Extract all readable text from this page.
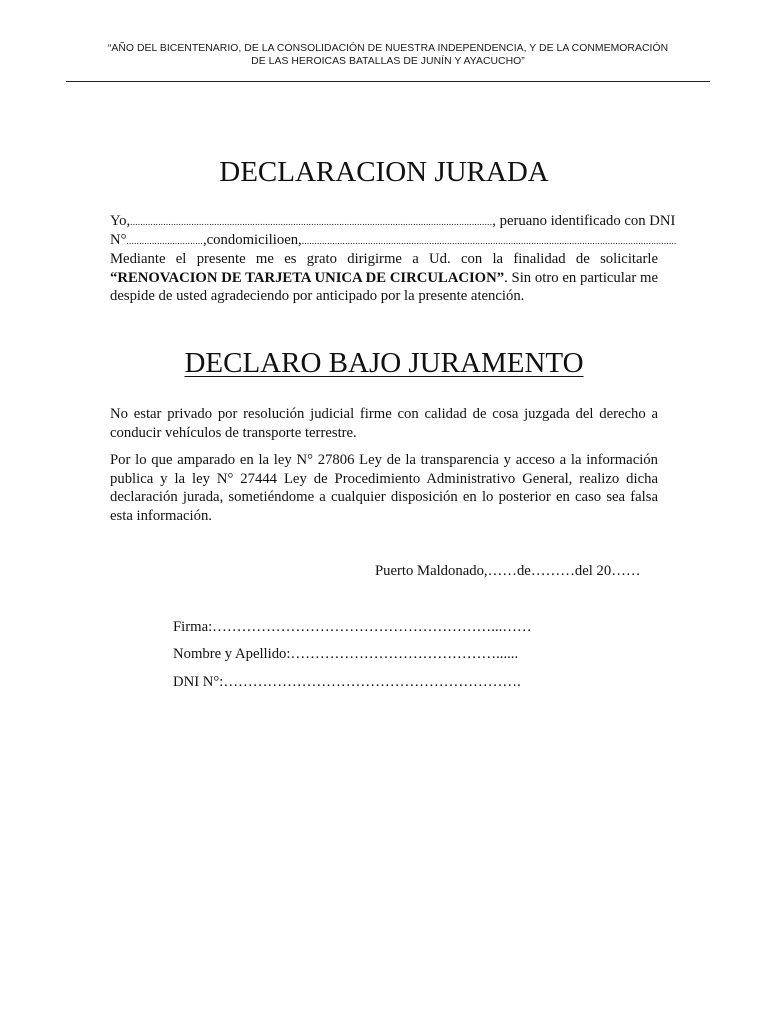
“AÑO DEL BICENTENARIO, DE LA CONSOLIDACIÓN DE NUESTRA INDEPENDENCIA, Y DE LA CONMEMORACIÓN
DE LAS HEROICAS BATALLAS DE JUNÍN Y AYACUCHO”
DECLARACION JURADA
Yo, .............................................................................................................................................. , peruano identificado con DNI
N° .............................. , con domicilio en, ...................................................................................................................................................
Mediante el presente me es grato dirigirme a Ud. con la finalidad de solicitarle “RENOVACION DE TARJETA UNICA DE CIRCULACION”. Sin otro en particular me despide de usted agradeciendo por anticipado por la presente atención.
DECLARO BAJO JURAMENTO
No estar privado por resolución judicial firme con calidad de cosa juzgada del derecho a conducir vehículos de transporte terrestre.
Por lo que amparado en la ley N° 27806 Ley de la transparencia y acceso a la información publica y la ley N° 27444 Ley de Procedimiento Administrativo General, realizo dicha declaración jurada, sometiéndome a cualquier disposición en lo posterior en caso sea falsa esta información.
Puerto Maldonado,……de………del 20……
Firma:…………………………………………………...……
Nombre y Apellido:……………………………………......
DNI N°:…………………………………………………….
